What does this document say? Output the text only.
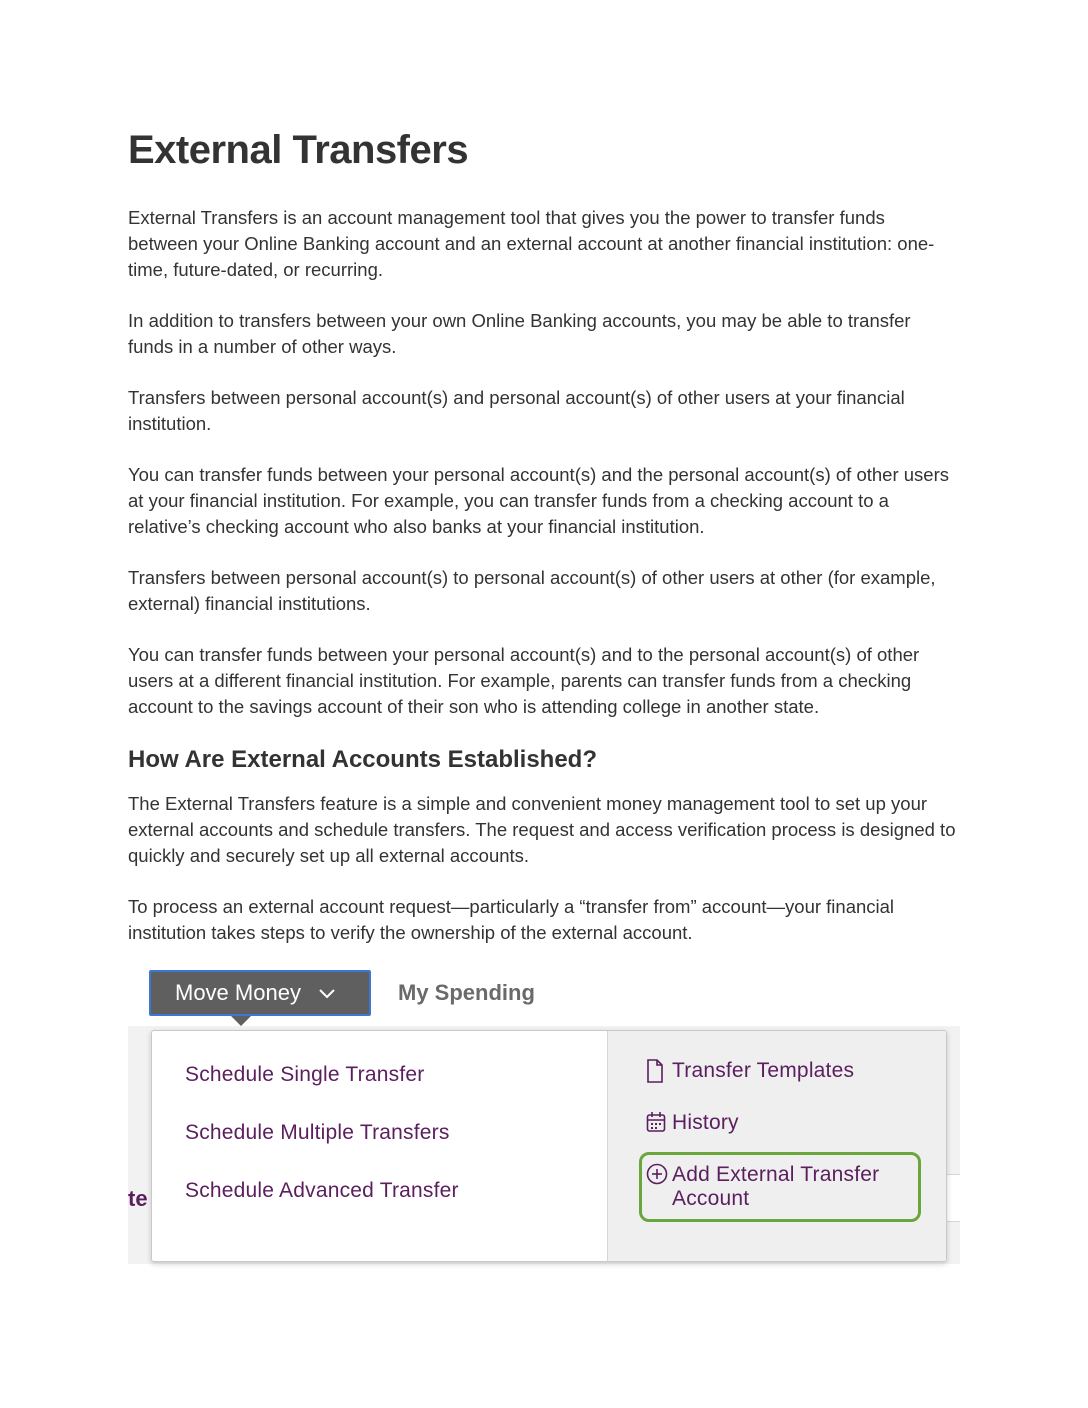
External Transfers

External Transfers is an account management tool that gives you the power to transfer funds between your Online Banking account and an external account at another financial institution: one-time, future-dated, or recurring.

In addition to transfers between your own Online Banking accounts, you may be able to transfer funds in a number of other ways.

Transfers between personal account(s) and personal account(s) of other users at your financial institution.

You can transfer funds between your personal account(s) and the personal account(s) of other users at your financial institution. For example, you can transfer funds from a checking account to a relative’s checking account who also banks at your financial institution.

Transfers between personal account(s) to personal account(s) of other users at other (for example, external) financial institutions.

You can transfer funds between your personal account(s) and to the personal account(s) of other users at a different financial institution. For example, parents can transfer funds from a checking account to the savings account of their son who is attending college in another state.

How Are External Accounts Established?

The External Transfers feature is a simple and convenient money management tool to set up your external accounts and schedule transfers. The request and access verification process is designed to quickly and securely set up all external accounts.

To process an external account request—particularly a “transfer from” account—your financial institution takes steps to verify the ownership of the external account.

te
Move Money	My Spending
Schedule Single Transfer
Schedule Multiple Transfers
Schedule Advanced Transfer
Transfer Templates
History
Add External Transfer
Account
